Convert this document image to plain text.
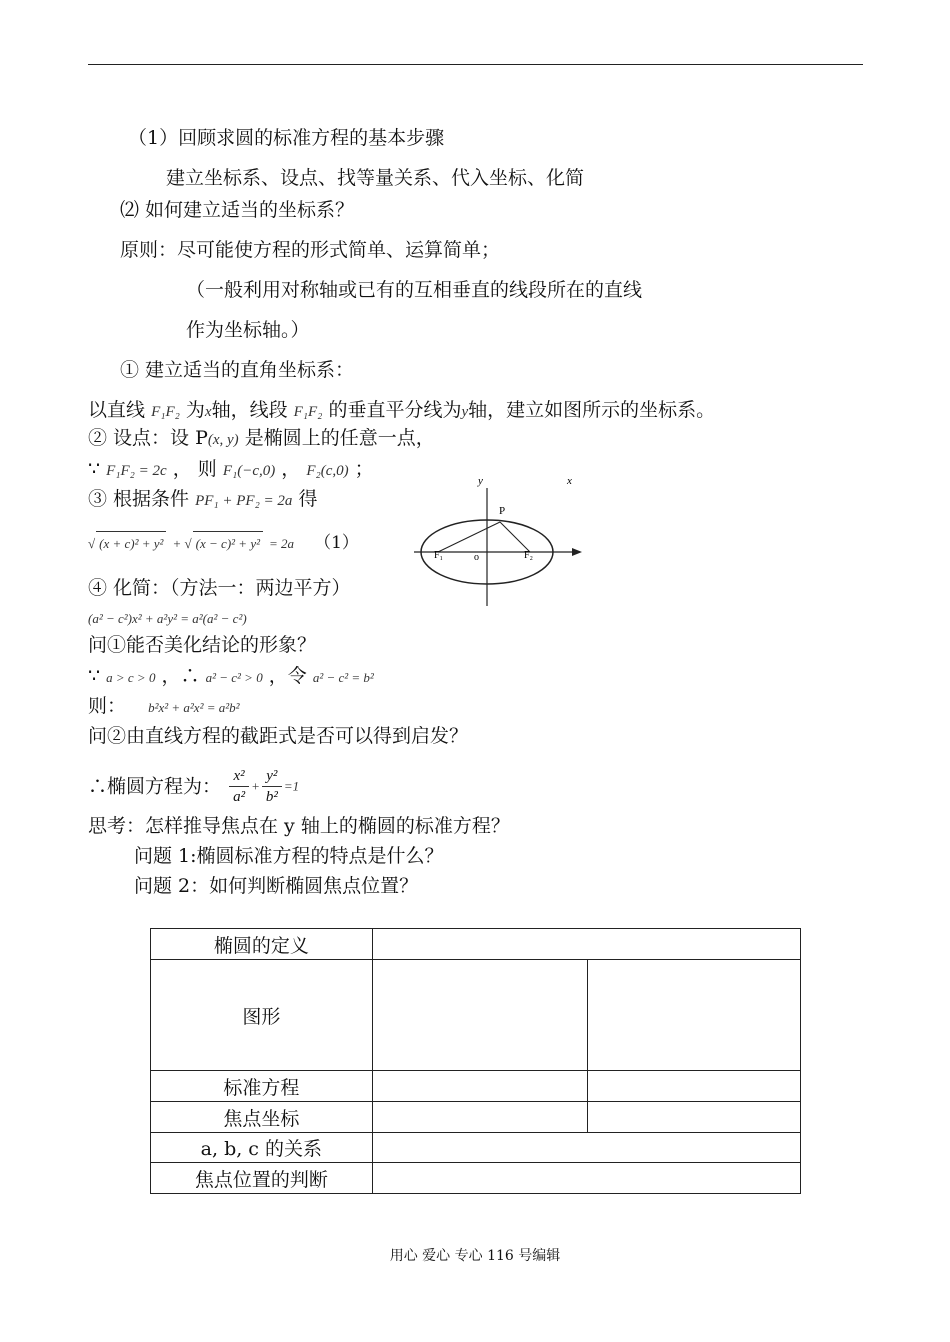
（1）回顾求圆的标准方程的基本步骤
建立坐标系、设点、找等量关系、代入坐标、化简
⑵ 如何建立适当的坐标系？
原则：尽可能使方程的形式简单、运算简单；
（一般利用对称轴或已有的互相垂直的线段所在的直线
作为坐标轴。）
① 建立适当的直角坐标系：
以直线 F₁F₂ 为x轴，线段 F₁F₂ 的垂直平分线为y轴，建立如图所示的坐标系。
② 设点：设 P(x, y) 是椭圆上的任意一点，
∵ F₁F₂ = 2c ， 则 F₁(−c,0) ， F₂(c,0) ；
③ 根据条件 PF₁ + PF₂ = 2a 得
√ (x + c)² + y² + √ (x − c)² + y² = 2a （1）
④ 化简：（方法一：两边平方）
(a² − c²)x² + a²y² = a²(a² − c²)
问①能否美化结论的形象？
∵ a > c > 0 ，∴ a² − c² > 0 ，令 a² − c² = b²
则： b²x² + a²x² = a²b²
问②由直线方程的截距式是否可以得到启发？
∴椭圆方程为： $\frac{\text{x²}}{\text{a²}} + \frac{\text{y²}}{\text{b²}} =1$
思考：怎样推导焦点在 y 轴上的椭圆的标准方程？
问题 1:椭圆标准方程的特点是什么？
问题 2：如何判断椭圆焦点位置？
y	x
P
F₁	o	F₂
椭圆的定义		
图形		
标准方程		
焦点坐标		
a, b, c 的关系		
焦点位置的判断		
用心 爱心 专心 116 号编辑
